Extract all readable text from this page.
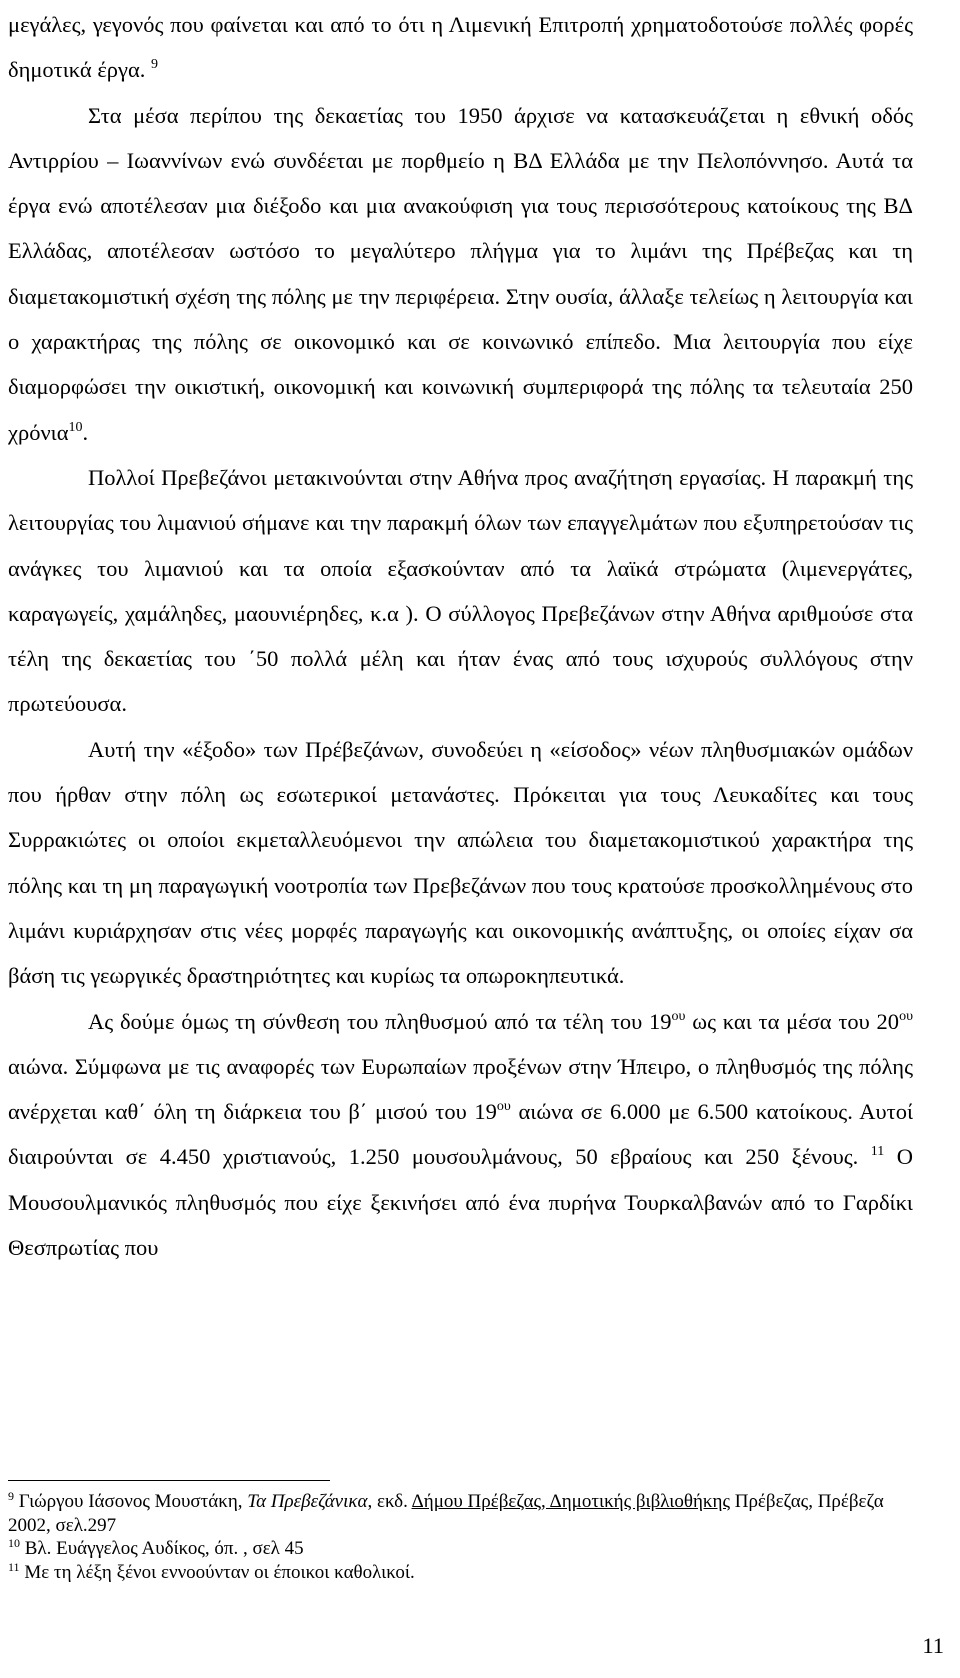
μεγάλες, γεγονός που φαίνεται και από το ότι η Λιμενική Επιτροπή χρηματοδοτούσε πολλές φορές δημοτικά έργα. $^9$

Στα μέσα περίπου της δεκαετίας του 1950 άρχισε να κατασκευάζεται η εθνική οδός Αντιρρίου – Ιωαννίνων ενώ συνδέεται με πορθμείο η ΒΔ Ελλάδα με την Πελοπόννησο. Αυτά τα έργα ενώ αποτέλεσαν μια διέξοδο και μια ανακούφιση για τους περισσότερους κατοίκους της ΒΔ Ελλάδας, αποτέλεσαν ωστόσο το μεγαλύτερο πλήγμα για το λιμάνι της Πρέβεζας και τη διαμετακομιστική σχέση της πόλης με την περιφέρεια. Στην ουσία, άλλαξε τελείως η λειτουργία και ο χαρακτήρας της πόλης σε οικονομικό και σε κοινωνικό επίπεδο. Μια λειτουργία που είχε διαμορφώσει την οικιστική, οικονομική και κοινωνική συμπεριφορά της πόλης τα τελευταία 250 χρόνια$^{10}$.

Πολλοί Πρεβεζάνοι μετακινούνται στην Αθήνα προς αναζήτηση εργασίας. Η παρακμή της λειτουργίας του λιμανιού σήμανε και την παρακμή όλων των επαγγελμάτων που εξυπηρετούσαν τις ανάγκες του λιμανιού και τα οποία εξασκούνταν από τα λαϊκά στρώματα (λιμενεργάτες, καραγωγείς, χαμάληδες, μαουνιέρηδες, κ.α ). Ο σύλλογος Πρεβεζάνων στην Αθήνα αριθμούσε στα τέλη της δεκαετίας του ΄50 πολλά μέλη και ήταν ένας από τους ισχυρούς συλλόγους στην πρωτεύουσα.

Αυτή την «έξοδο» των Πρέβεζάνων, συνοδεύει η «είσοδος» νέων πληθυσμιακών ομάδων που ήρθαν στην πόλη ως εσωτερικοί μετανάστες. Πρόκειται για τους Λευκαδίτες και τους Συρρακιώτες οι οποίοι εκμεταλλευόμενοι την απώλεια του διαμετακομιστικού χαρακτήρα της πόλης και τη μη παραγωγική νοοτροπία των Πρεβεζάνων που τους κρατούσε προσκολλημένους στο λιμάνι κυριάρχησαν στις νέες μορφές παραγωγής και οικονομικής ανάπτυξης, οι οποίες είχαν σα βάση τις γεωργικές δραστηριότητες και κυρίως τα οπωροκηπευτικά.

Ας δούμε όμως τη σύνθεση του πληθυσμού από τα τέλη του $19^{o\upsilon}$ ως και τα μέσα του $20^{o\upsilon}$ αιώνα. Σύμφωνα με τις αναφορές των Ευρωπαίων προξένων στην Ήπειρο, ο πληθυσμός της πόλης ανέρχεται καθ΄ όλη τη διάρκεια του β΄ μισού του $19^{o\upsilon}$ αιώνα σε 6.000 με 6.500 κατοίκους. Αυτοί διαιρούνται σε 4.450 χριστιανούς, 1.250 μουσουλμάνους, 50 εβραίους και 250 ξένους. $^{11}$ Ο Μουσουλμανικός πληθυσμός που είχε ξεκινήσει από ένα πυρήνα Τουρκαλβανών από το Γαρδίκι Θεσπρωτίας που

$^9$ Γιώργου Ιάσονος Μουστάκη, Τα Πρεβεζάνικα, εκδ. Δήμου Πρέβεζας, Δημοτικής βιβλιοθήκης Πρέβεζας, Πρέβεζα 2002, σελ.297

$^{10}$ Βλ. Ευάγγελος Αυδίκος, όπ. , σελ 45

$^{11}$ Με τη λέξη ξένοι εννοούνταν οι έποικοι καθολικοί.

11
